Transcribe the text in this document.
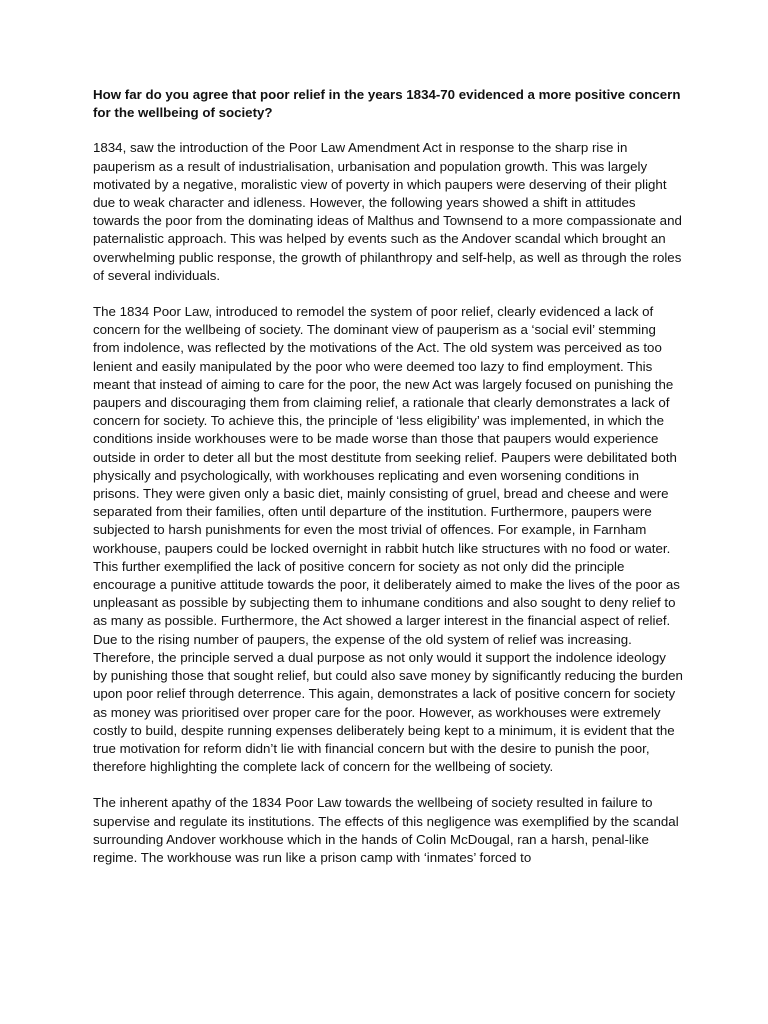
How far do you agree that poor relief in the years 1834-70 evidenced a more positive concern for the wellbeing of society?

1834, saw the introduction of the Poor Law Amendment Act in response to the sharp rise in pauperism as a result of industrialisation, urbanisation and population growth. This was largely motivated by a negative, moralistic view of poverty in which paupers were deserving of their plight due to weak character and idleness. However, the following years showed a shift in attitudes towards the poor from the dominating ideas of Malthus and Townsend to a more compassionate and paternalistic approach. This was helped by events such as the Andover scandal which brought an overwhelming public response, the growth of philanthropy and self-help, as well as through the roles of several individuals.

The 1834 Poor Law, introduced to remodel the system of poor relief, clearly evidenced a lack of concern for the wellbeing of society. The dominant view of pauperism as a ‘social evil’ stemming from indolence, was reflected by the motivations of the Act. The old system was perceived as too lenient and easily manipulated by the poor who were deemed too lazy to find employment. This meant that instead of aiming to care for the poor, the new Act was largely focused on punishing the paupers and discouraging them from claiming relief, a rationale that clearly demonstrates a lack of concern for society. To achieve this, the principle of ‘less eligibility’ was implemented, in which the conditions inside workhouses were to be made worse than those that paupers would experience outside in order to deter all but the most destitute from seeking relief. Paupers were debilitated both physically and psychologically, with workhouses replicating and even worsening conditions in prisons. They were given only a basic diet, mainly consisting of gruel, bread and cheese and were separated from their families, often until departure of the institution. Furthermore, paupers were subjected to harsh punishments for even the most trivial of offences. For example, in Farnham workhouse, paupers could be locked overnight in rabbit hutch like structures with no food or water. This further exemplified the lack of positive concern for society as not only did the principle encourage a punitive attitude towards the poor, it deliberately aimed to make the lives of the poor as unpleasant as possible by subjecting them to inhumane conditions and also sought to deny relief to as many as possible. Furthermore, the Act showed a larger interest in the financial aspect of relief. Due to the rising number of paupers, the expense of the old system of relief was increasing. Therefore, the principle served a dual purpose as not only would it support the indolence ideology by punishing those that sought relief, but could also save money by significantly reducing the burden upon poor relief through deterrence. This again, demonstrates a lack of positive concern for society as money was prioritised over proper care for the poor. However, as workhouses were extremely costly to build, despite running expenses deliberately being kept to a minimum, it is evident that the true motivation for reform didn’t lie with financial concern but with the desire to punish the poor, therefore highlighting the complete lack of concern for the wellbeing of society.

The inherent apathy of the 1834 Poor Law towards the wellbeing of society resulted in failure to supervise and regulate its institutions. The effects of this negligence was exemplified by the scandal surrounding Andover workhouse which in the hands of Colin McDougal, ran a harsh, penal-like regime. The workhouse was run like a prison camp with ‘inmates’ forced to
